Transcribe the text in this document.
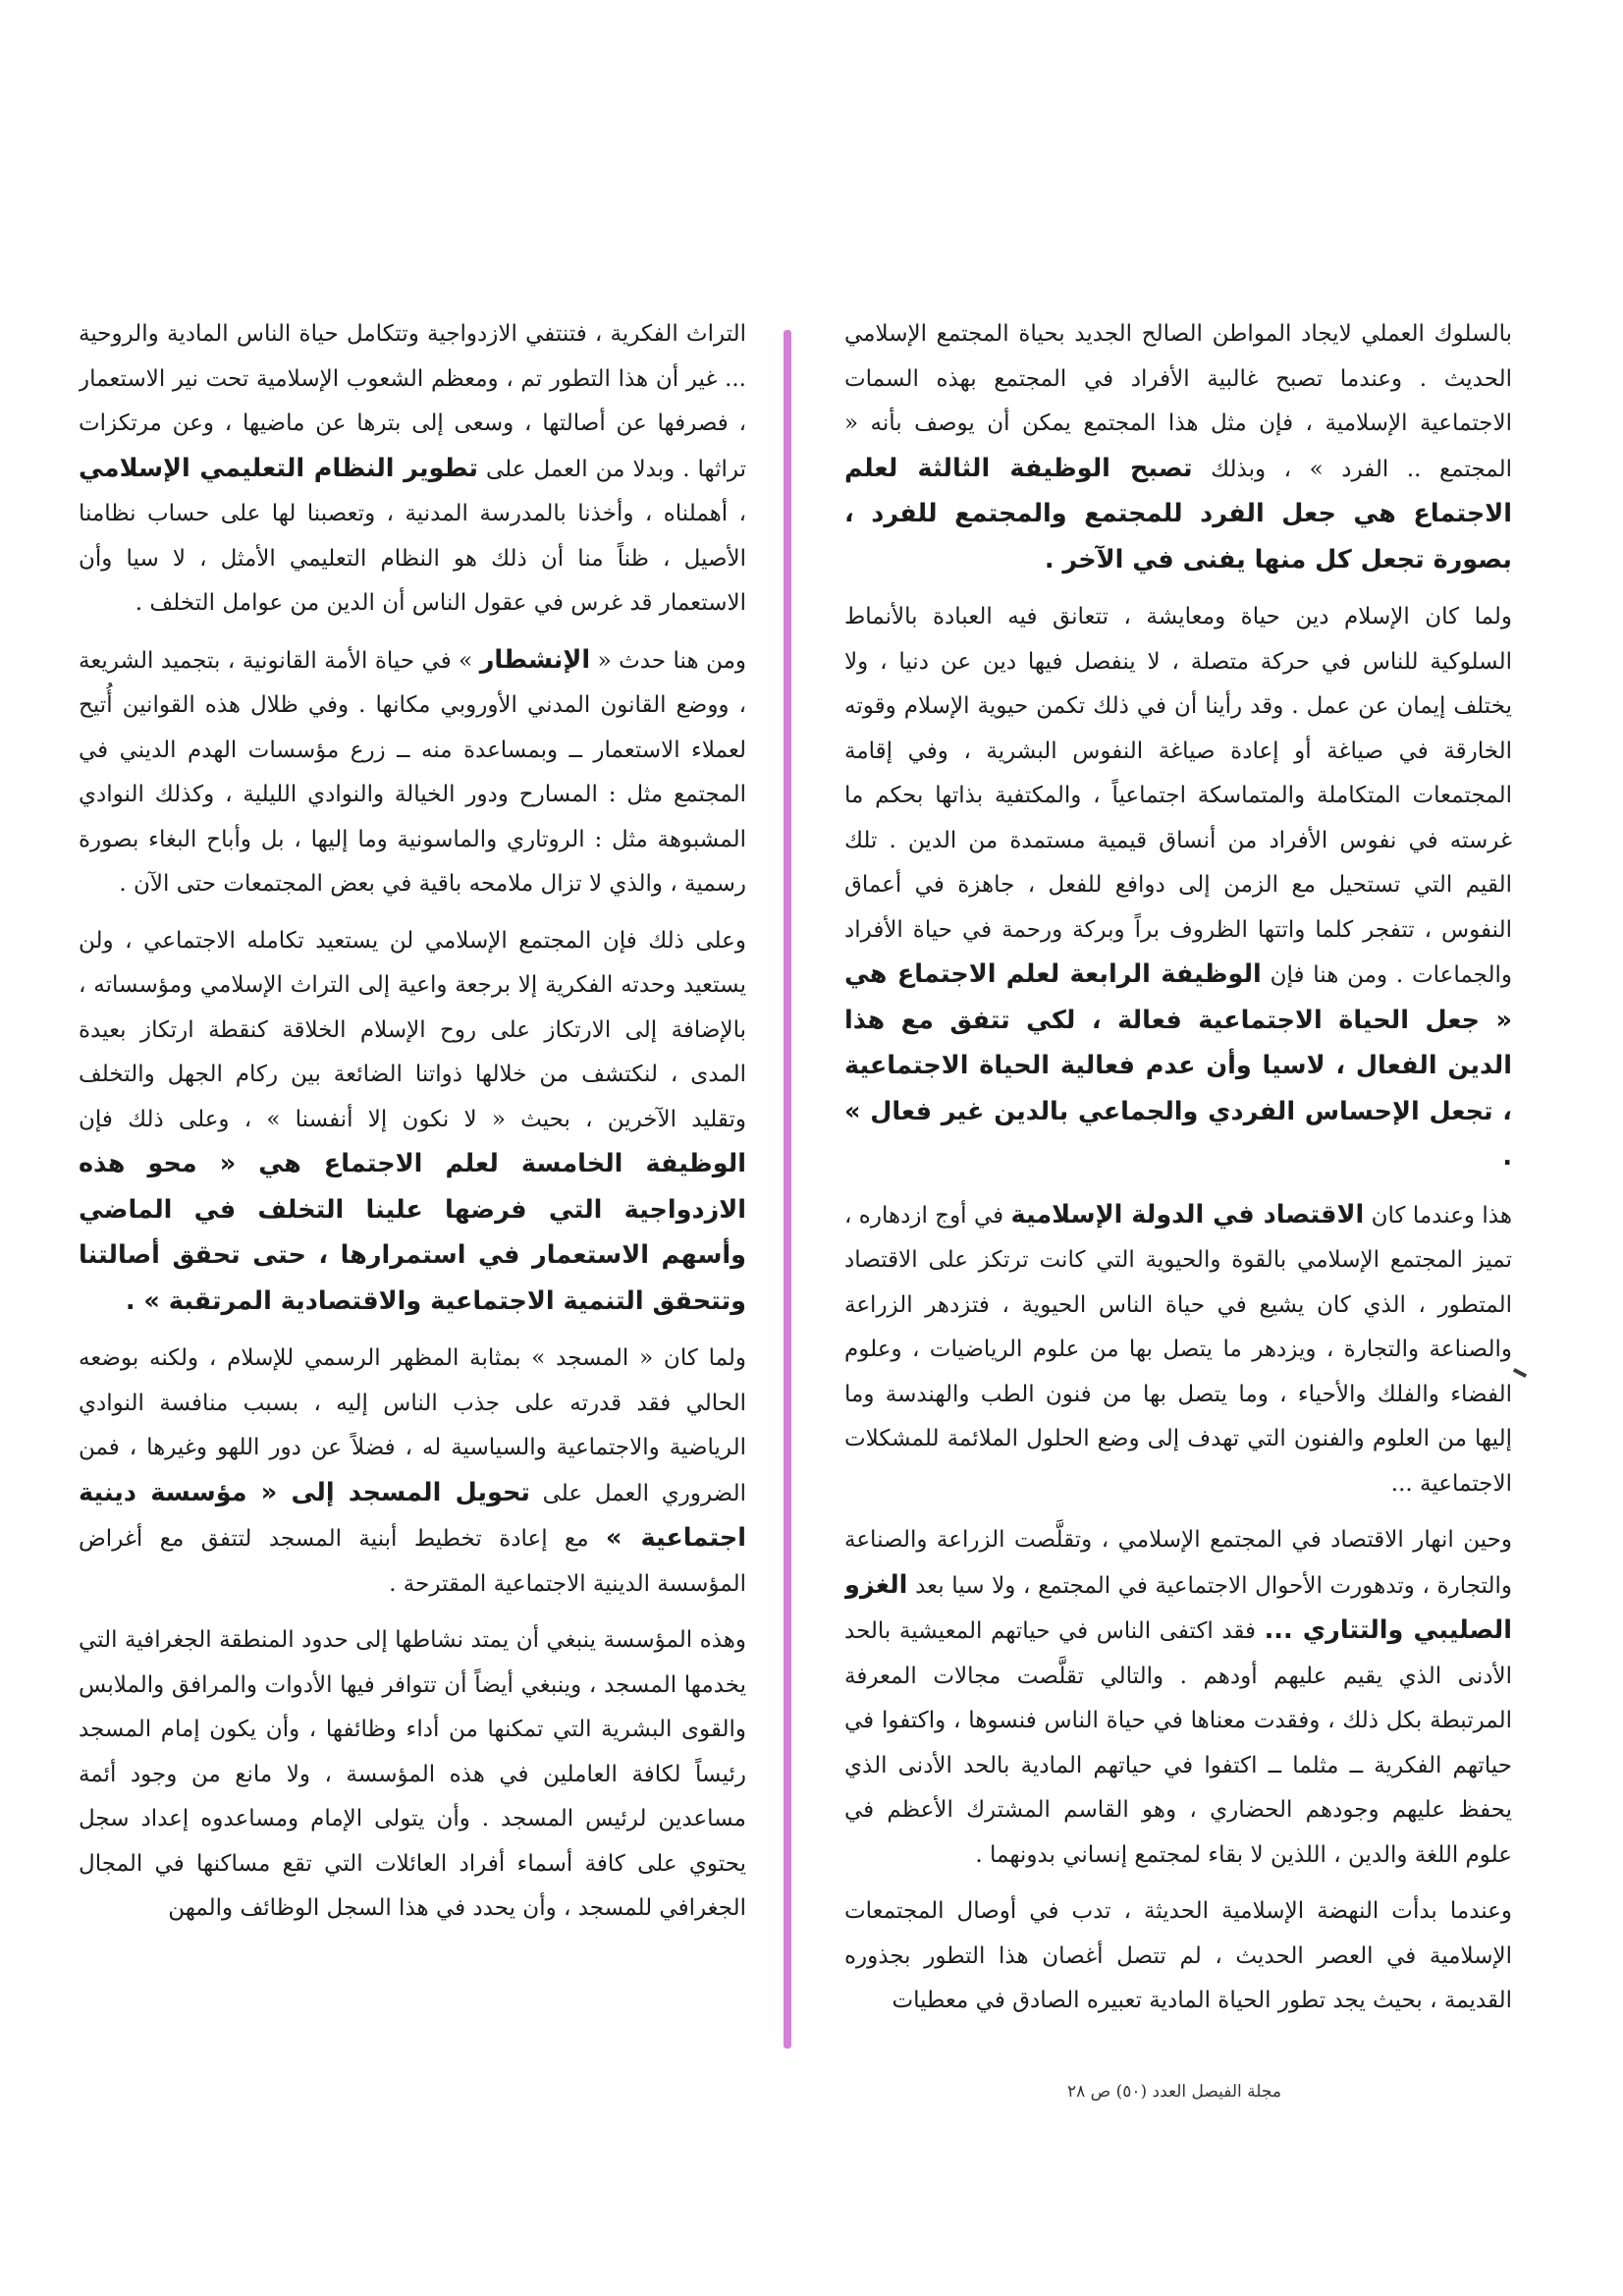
بالسلوك العملي لايجاد المواطن الصالح الجديد بحياة المجتمع الإسلامي الحديث . وعندما تصبح غالبية الأفراد في المجتمع بهذه السمات الاجتماعية الإسلامية ، فإن مثل هذا المجتمع يمكن أن يوصف بأنه « المجتمع .. الفرد » ، وبذلك تصبح الوظيفة الثالثة لعلم الاجتماع هي جعل الفرد للمجتمع والمجتمع للفرد ، بصورة تجعل كل منها يفنى في الآخر .

ولما كان الإسلام دين حياة ومعايشة ، تتعانق فيه العبادة بالأنماط السلوكية للناس في حركة متصلة ، لا ينفصل فيها دين عن دنيا ، ولا يختلف إيمان عن عمل . وقد رأينا أن في ذلك تكمن حيوية الإسلام وقوته الخارقة في صياغة أو إعادة صياغة النفوس البشرية ، وفي إقامة المجتمعات المتكاملة والمتماسكة اجتماعياً ، والمكتفية بذاتها بحكم ما غرسته في نفوس الأفراد من أنساق قيمية مستمدة من الدين . تلك القيم التي تستحيل مع الزمن إلى دوافع للفعل ، جاهزة في أعماق النفوس ، تتفجر كلما واتتها الظروف براً وبركة ورحمة في حياة الأفراد والجماعات . ومن هنا فإن الوظيفة الرابعة لعلم الاجتماع هي « جعل الحياة الاجتماعية فعالة ، لكي تتفق مع هذا الدين الفعال ، لاسيا وأن عدم فعالية الحياة الاجتماعية ، تجعل الإحساس الفردي والجماعي بالدين غير فعال » .

هذا وعندما كان الاقتصاد في الدولة الإسلامية في أوج ازدهاره ، تميز المجتمع الإسلامي بالقوة والحيوية التي كانت ترتكز على الاقتصاد المتطور ، الذي كان يشيع في حياة الناس الحيوية ، فتزدهر الزراعة والصناعة والتجارة ، ويزدهر ما يتصل بها من علوم الرياضيات ، وعلوم الفضاء والفلك والأحياء ، وما يتصل بها من فنون الطب والهندسة وما إليها من العلوم والفنون التي تهدف إلى وضع الحلول الملائمة للمشكلات الاجتماعية ...

وحين انهار الاقتصاد في المجتمع الإسلامي ، وتقلَّصت الزراعة والصناعة والتجارة ، وتدهورت الأحوال الاجتماعية في المجتمع ، ولا سيا بعد الغزو الصليبي والتتاري ... فقد اكتفى الناس في حياتهم المعيشية بالحد الأدنى الذي يقيم عليهم أودهم . والتالي تقلَّصت مجالات المعرفة المرتبطة بكل ذلك ، وفقدت معناها في حياة الناس فنسوها ، واكتفوا في حياتهم الفكرية ــ مثلما ــ اكتفوا في حياتهم المادية بالحد الأدنى الذي يحفظ عليهم وجودهم الحضاري ، وهو القاسم المشترك الأعظم في علوم اللغة والدين ، اللذين لا بقاء لمجتمع إنساني بدونهما .

وعندما بدأت النهضة الإسلامية الحديثة ، تدب في أوصال المجتمعات الإسلامية في العصر الحديث ، لم تتصل أغصان هذا التطور بجذوره القديمة ، بحيث يجد تطور الحياة المادية تعبيره الصادق في معطيات

التراث الفكرية ، فتنتفي الازدواجية وتتكامل حياة الناس المادية والروحية ... غير أن هذا التطور تم ، ومعظم الشعوب الإسلامية تحت نير الاستعمار ، فصرفها عن أصالتها ، وسعى إلى بترها عن ماضيها ، وعن مرتكزات تراثها . وبدلا من العمل على تطوير النظام التعليمي الإسلامي ، أهملناه ، وأخذنا بالمدرسة المدنية ، وتعصبنا لها على حساب نظامنا الأصيل ، ظناً منا أن ذلك هو النظام التعليمي الأمثل ، لا سيا وأن الاستعمار قد غرس في عقول الناس أن الدين من عوامل التخلف .

ومن هنا حدث « الإنشطار » في حياة الأمة القانونية ، بتجميد الشريعة ، ووضع القانون المدني الأوروبي مكانها . وفي ظلال هذه القوانين أُتيح لعملاء الاستعمار ــ وبمساعدة منه ــ زرع مؤسسات الهدم الديني في المجتمع مثل : المسارح ودور الخيالة والنوادي الليلية ، وكذلك النوادي المشبوهة مثل : الروتاري والماسونية وما إليها ، بل وأباح البغاء بصورة رسمية ، والذي لا تزال ملامحه باقية في بعض المجتمعات حتى الآن .

وعلى ذلك فإن المجتمع الإسلامي لن يستعيد تكامله الاجتماعي ، ولن يستعيد وحدته الفكرية إلا برجعة واعية إلى التراث الإسلامي ومؤسساته ، بالإضافة إلى الارتكاز على روح الإسلام الخلاقة كنقطة ارتكاز بعيدة المدى ، لنكتشف من خلالها ذواتنا الضائعة بين ركام الجهل والتخلف وتقليد الآخرين ، بحيث « لا نكون إلا أنفسنا » ، وعلى ذلك فإن الوظيفة الخامسة لعلم الاجتماع هي « محو هذه الازدواجية التي فرضها علينا التخلف في الماضي وأسهم الاستعمار في استمرارها ، حتى تحقق أصالتنا وتتحقق التنمية الاجتماعية والاقتصادية المرتقبة » .

ولما كان « المسجد » بمثابة المظهر الرسمي للإسلام ، ولكنه بوضعه الحالي فقد قدرته على جذب الناس إليه ، بسبب منافسة النوادي الرياضية والاجتماعية والسياسية له ، فضلاً عن دور اللهو وغيرها ، فمن الضروري العمل على تحويل المسجد إلى « مؤسسة دينية اجتماعية » مع إعادة تخطيط أبنية المسجد لتتفق مع أغراض المؤسسة الدينية الاجتماعية المقترحة .

وهذه المؤسسة ينبغي أن يمتد نشاطها إلى حدود المنطقة الجغرافية التي يخدمها المسجد ، وينبغي أيضاً أن تتوافر فيها الأدوات والمرافق والملابس والقوى البشرية التي تمكنها من أداء وظائفها ، وأن يكون إمام المسجد رئيساً لكافة العاملين في هذه المؤسسة ، ولا مانع من وجود أئمة مساعدين لرئيس المسجد . وأن يتولى الإمام ومساعدوه إعداد سجل يحتوي على كافة أسماء أفراد العائلات التي تقع مساكنها في المجال الجغرافي للمسجد ، وأن يحدد في هذا السجل الوظائف والمهن

مجلة الفيصل العدد (٥٠) ص ٢٨
